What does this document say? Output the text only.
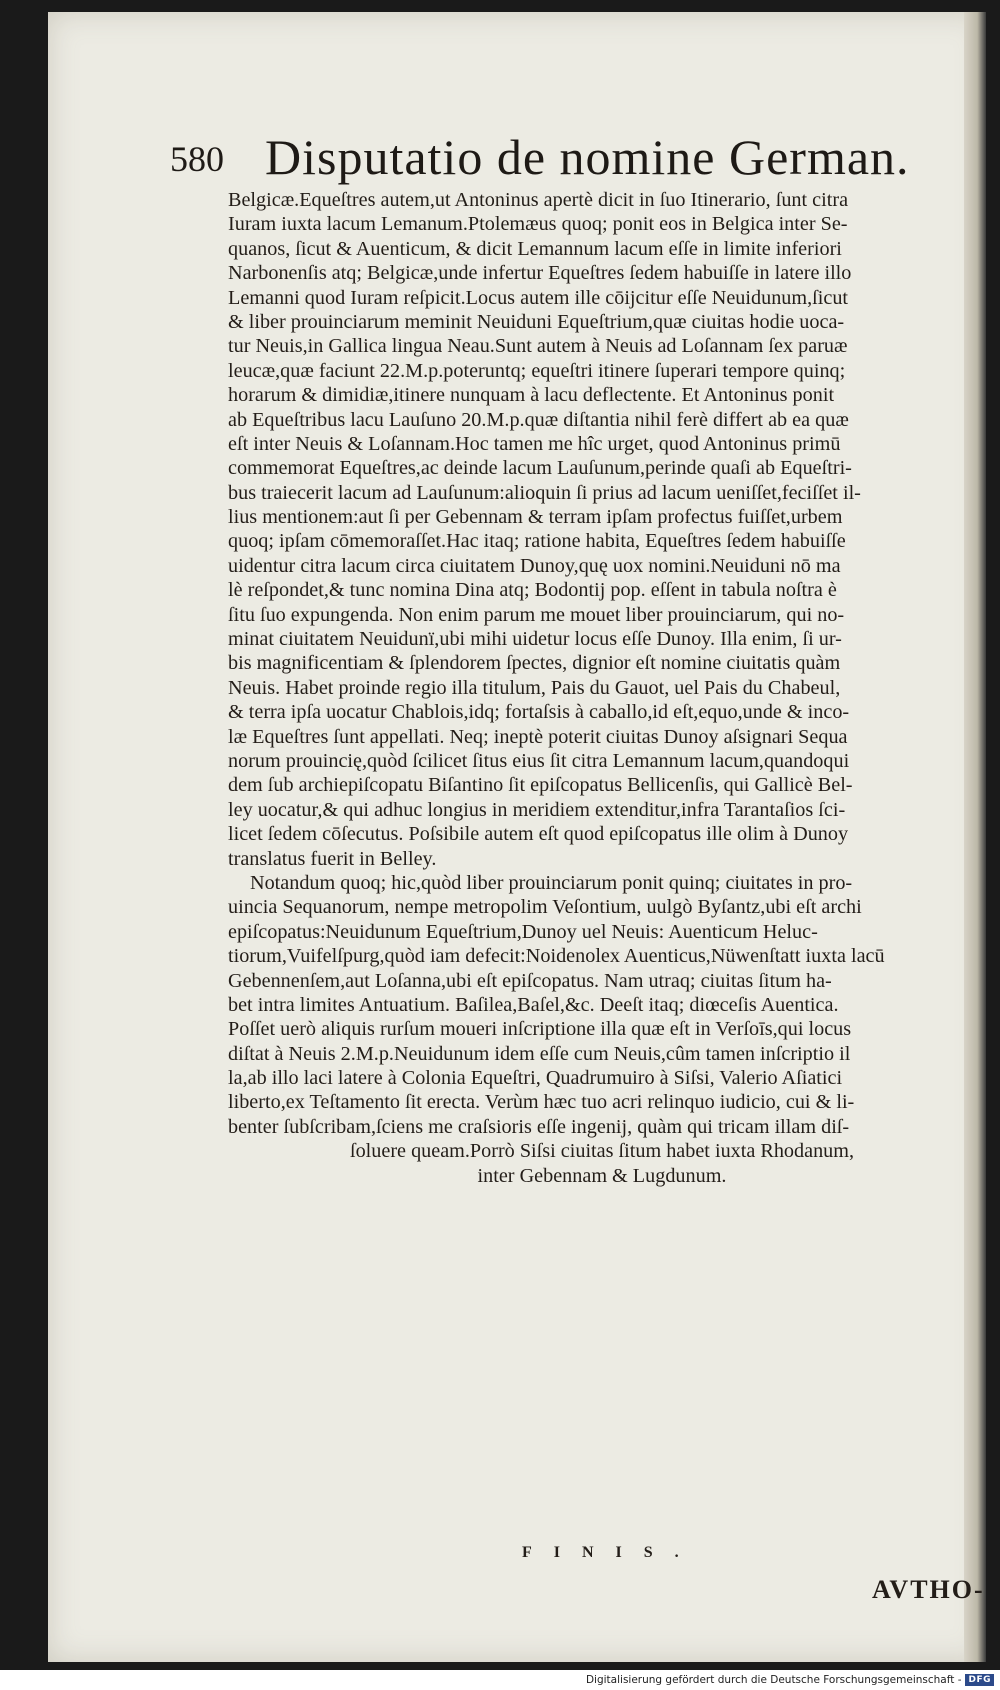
580 Disputatio de nomine German.
Belgicæ.Equeſtres autem,ut Antoninus apertè dicit in ſuo Itinerario, ſunt citra
Iuram iuxta lacum Lemanum.Ptolemæus quoq; ponit eos in Belgica inter Se-
quanos, ſicut & Auenticum, & dicit Lemannum lacum eſſe in limite inferiori
Narbonenſis atq; Belgicæ,unde infertur Equeſtres ſedem habuiſſe in latere illo
Lemanni quod Iuram reſpicit.Locus autem ille cōijcitur eſſe Neuidunum,ſicut
& liber prouinciarum meminit Neuiduni Equeſtrium,quæ ciuitas hodie uoca-
tur Neuis,in Gallica lingua Neau.Sunt autem à Neuis ad Loſannam ſex paruæ
leucæ,quæ faciunt 22.M.p.poteruntq; equeſtri itinere ſuperari tempore quinq;
horarum & dimidiæ,itinere nunquam à lacu deflectente. Et Antoninus ponit
ab Equeſtribus lacu Lauſuno 20.M.p.quæ diſtantia nihil ferè differt ab ea quæ
eſt inter Neuis & Loſannam.Hoc tamen me hîc urget, quod Antoninus primū
commemorat Equeſtres,ac deinde lacum Lauſunum,perinde quaſi ab Equeſtri-
bus traiecerit lacum ad Lauſunum:alioquin ſi prius ad lacum ueniſſet,feciſſet il-
lius mentionem:aut ſi per Gebennam & terram ipſam profectus fuiſſet,urbem
quoq; ipſam cōmemoraſſet.Hac itaq; ratione habita, Equeſtres ſedem habuiſſe
uidentur citra lacum circa ciuitatem Dunoy,quę uox nomini.Neuiduni nō ma
lè reſpondet,& tunc nomina Dina atq; Bodontij pop. eſſent in tabula noſtra è
ſitu ſuo expungenda. Non enim parum me mouet liber prouinciarum, qui no-
minat ciuitatem Neuidunï,ubi mihi uidetur locus eſſe Dunoy. Illa enim, ſi ur-
bis magnificentiam & ſplendorem ſpectes, dignior eſt nomine ciuitatis quàm
Neuis. Habet proinde regio illa titulum, Pais du Gauot, uel Pais du Chabeul,
& terra ipſa uocatur Chablois,idq; fortaſsis à caballo,id eſt,equo,unde & inco-
læ Equeſtres ſunt appellati. Neq; ineptè poterit ciuitas Dunoy aſsignari Sequa
norum prouincię,quòd ſcilicet ſitus eius ſit citra Lemannum lacum,quandoqui
dem ſub archiepiſcopatu Biſantino ſit epiſcopatus Bellicenſis, qui Gallicè Bel-
ley uocatur,& qui adhuc longius in meridiem extenditur,infra Tarantaſios ſci-
licet ſedem cōſecutus. Poſsibile autem eſt quod epiſcopatus ille olim à Dunoy
translatus fuerit in Belley.
Notandum quoq; hic,quòd liber prouinciarum ponit quinq; ciuitates in pro-
uincia Sequanorum, nempe metropolim Veſontium, uulgò Byſantz,ubi eſt archi
epiſcopatus:Neuidunum Equeſtrium,Dunoy uel Neuis: Auenticum Heluc-
tiorum,Vuifelſpurg,quòd iam defecit:Noidenolex Auenticus,Nüwenſtatt iuxta lacū
Gebennenſem,aut Loſanna,ubi eſt epiſcopatus. Nam utraq; ciuitas ſitum ha-
bet intra limites Antuatium. Baſilea,Baſel,&c. Deeſt itaq; diœceſis Auentica.
Poſſet uerò aliquis rurſum moueri inſcriptione illa quæ eſt in Verſoīs,qui locus
diſtat à Neuis 2.M.p.Neuidunum idem eſſe cum Neuis,cûm tamen inſcriptio il
la,ab illo laci latere à Colonia Equeſtri, Quadrumuiro à Siſsi, Valerio Aſiatici
liberto,ex Teſtamento ſit erecta. Verùm hæc tuo acri relinquo iudicio, cui & li-
benter ſubſcribam,ſciens me craſsioris eſſe ingenij, quàm qui tricam illam diſ-
ſoluere queam.Porrò Siſsi ciuitas ſitum habet iuxta Rhodanum,
inter Gebennam & Lugdunum.
FINIS.
AVTHO-
Digitalisierung gefördert durch die Deutsche Forschungsgemeinschaft - DFG
